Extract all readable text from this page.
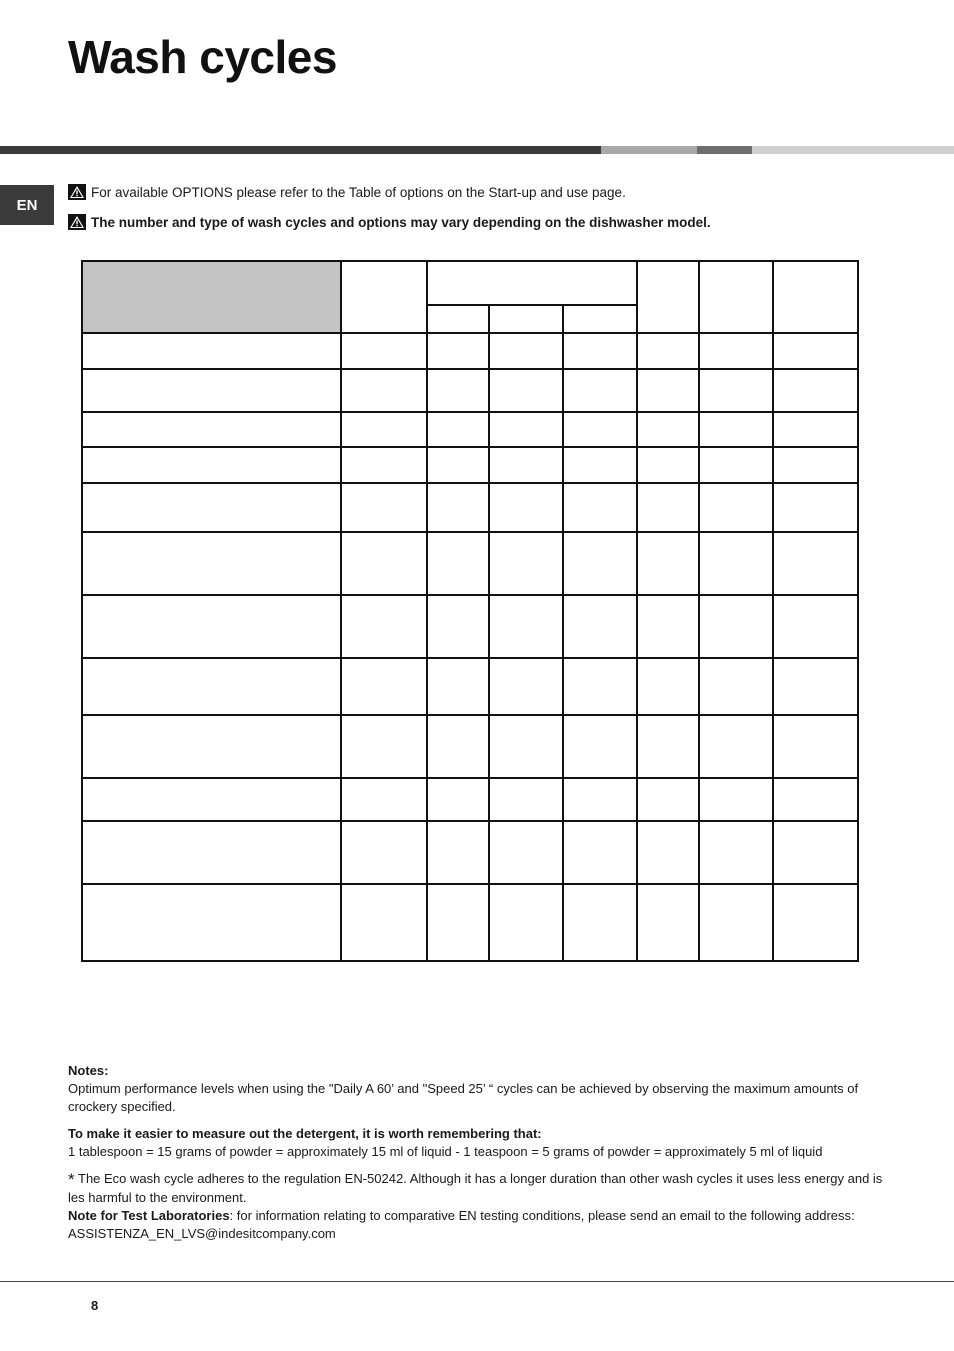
Wash cycles
EN
For available OPTIONS please refer to the Table of options on the Start-up and use page.
The number and type of wash cycles and options may vary depending on the dishwasher model.

Notes:

Optimum performance levels when using the "Daily A 60’ and "Speed 25’ “ cycles can be achieved by observing the maximum amounts of crockery specified.

To make it easier to measure out the detergent, it is worth remembering that:

1 tablespoon = 15 grams of powder = approximately 15 ml of liquid - 1 teaspoon = 5 grams of powder = approximately 5 ml of liquid

* The Eco wash cycle adheres to the regulation EN-50242. Although it has a longer duration than other wash cycles it uses less energy and is les harmful to the environment.

Note for Test Laboratories: for information relating to comparative EN testing conditions, please send an email to the following address: ASSISTENZA_EN_LVS@indesitcompany.com

8
